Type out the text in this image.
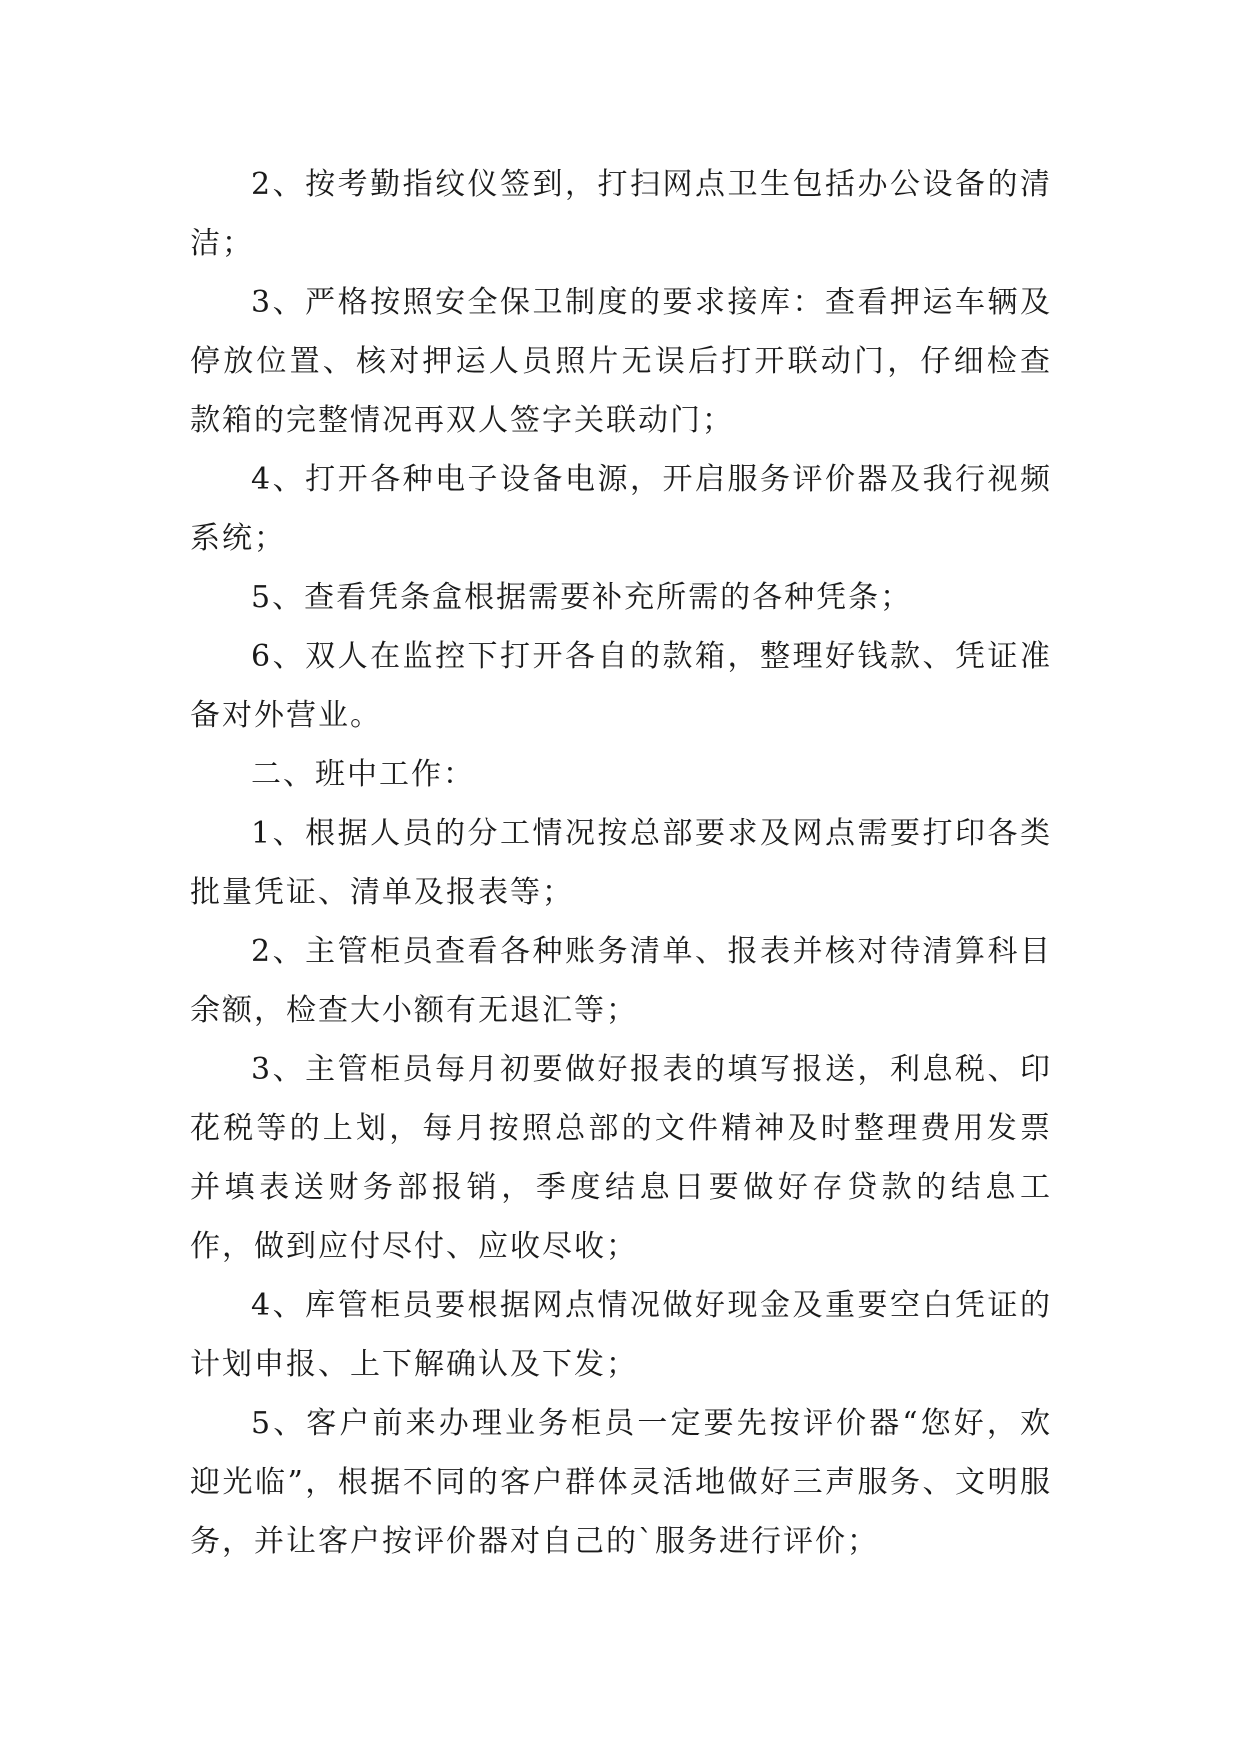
2、按考勤指纹仪签到，打扫网点卫生包括办公设备的清洁；

3、严格按照安全保卫制度的要求接库：查看押运车辆及停放位置、核对押运人员照片无误后打开联动门，仔细检查款箱的完整情况再双人签字关联动门；

4、打开各种电子设备电源，开启服务评价器及我行视频系统；

5、查看凭条盒根据需要补充所需的各种凭条；

6、双人在监控下打开各自的款箱，整理好钱款、凭证准备对外营业。

二、班中工作：

1、根据人员的分工情况按总部要求及网点需要打印各类批量凭证、清单及报表等；

2、主管柜员查看各种账务清单、报表并核对待清算科目余额，检查大小额有无退汇等；

3、主管柜员每月初要做好报表的填写报送，利息税、印花税等的上划，每月按照总部的文件精神及时整理费用发票并填表送财务部报销，季度结息日要做好存贷款的结息工作，做到应付尽付、应收尽收；

4、库管柜员要根据网点情况做好现金及重要空白凭证的计划申报、上下解确认及下发；

5、客户前来办理业务柜员一定要先按评价器“您好，欢迎光临”，根据不同的客户群体灵活地做好三声服务、文明服务，并让客户按评价器对自己的`服务进行评价；
